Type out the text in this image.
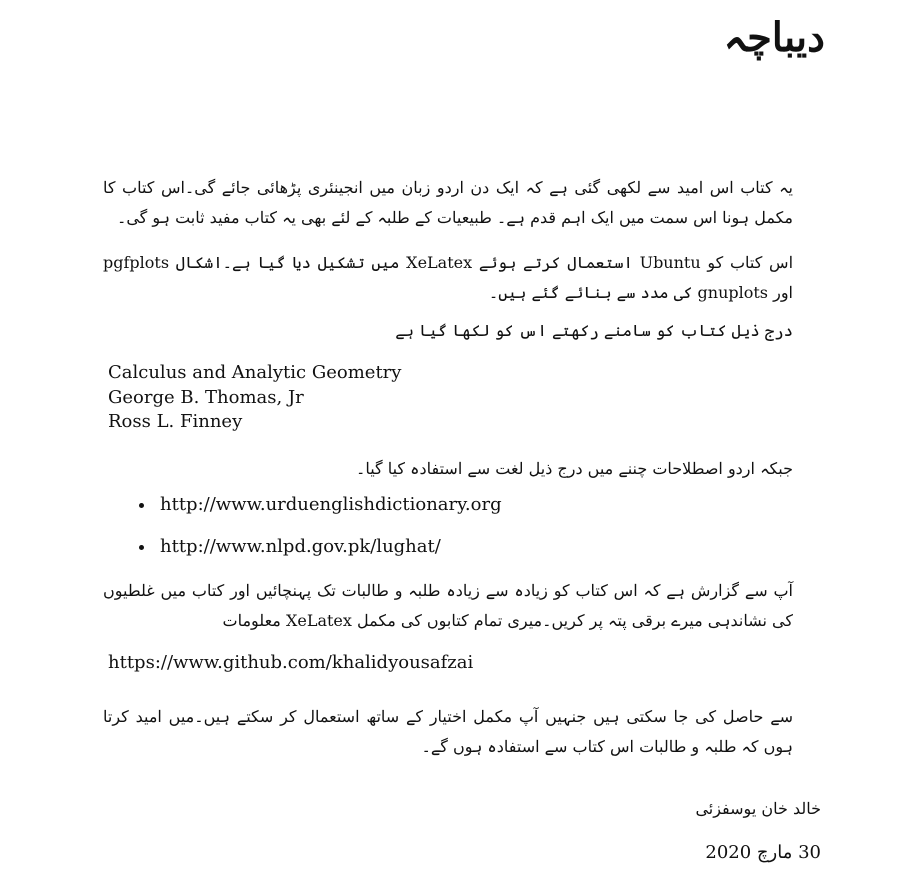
دیباچہ
یہ کتاب اس امید سے لکھی گئی ہے کہ ایک دن اردو زبان میں انجینئری پڑھائی جائے گی۔اس کتاب کا مکمل ہونا اس سمت میں ایک اہم قدم ہے۔ طبیعیات کے طلبہ کے لئے بھی یہ کتاب مفید ثابت ہو گی۔
اس کتاب کو Ubuntu استعمال کرتے ہوئے XeLatex میں تشکیل دیا گیا ہے۔اشکال pgfplots اور gnuplots کی مدد سے بنائے گئے ہیں۔
درج ذیل کتاب کو سامنے رکھتے اس کو لکھا گیا ہے
Calculus and Analytic Geometry
George B. Thomas, Jr
Ross L. Finney
جبکہ اردو اصطلاحات چننے میں درج ذیل لغت سے استفادہ کیا گیا۔
http://www.urduenglishdictionary.org
http://www.nlpd.gov.pk/lughat/
آپ سے گزارش ہے کہ اس کتاب کو زیادہ سے زیادہ طلبہ و طالبات تک پہنچائیں اور کتاب میں غلطیوں کی نشاندہی میرے برقی پتہ پر کریں۔میری تمام کتابوں کی مکمل XeLatex معلومات
https://www.github.com/khalidyousafzai
سے حاصل کی جا سکتی ہیں جنہیں آپ مکمل اختیار کے ساتھ استعمال کر سکتے ہیں۔میں امید کرتا ہوں کہ طلبہ و طالبات اس کتاب سے استفادہ ہوں گے۔
خالد خان یوسفزئی
30 مارچ 2020
